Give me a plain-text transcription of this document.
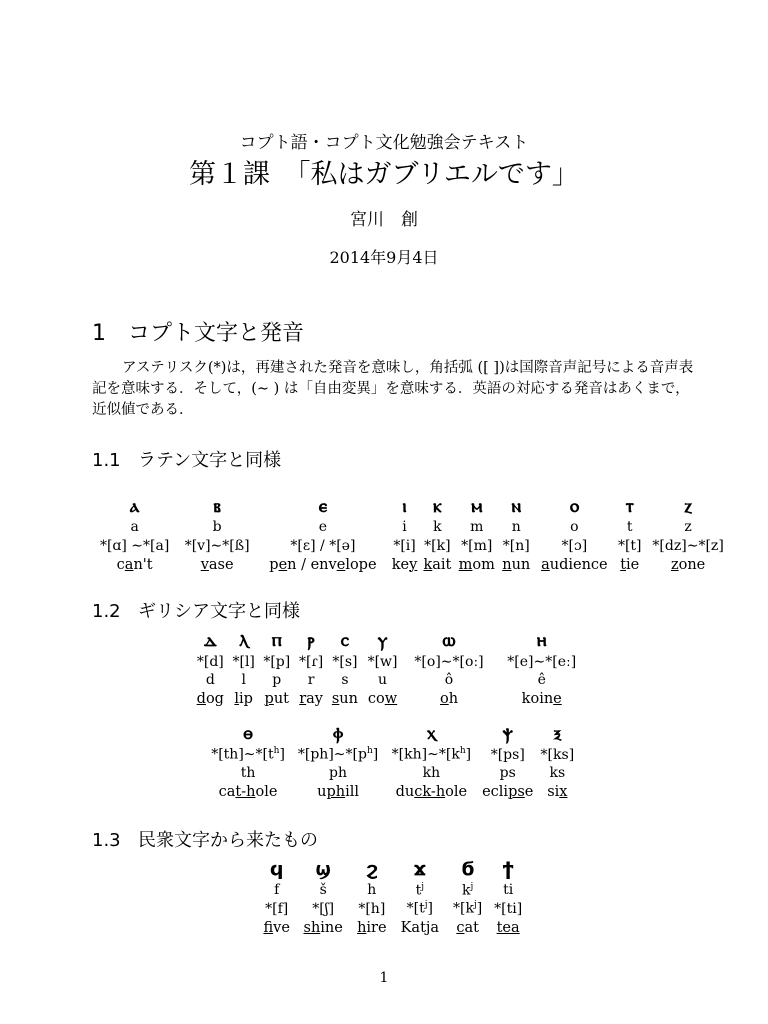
コプト語・コプト文化勉強会テキスト
第１課　「私はガブリエルです」
宮川　創
2014年9月4日
1 コプト文字と発音
アステリスク(*)は，再建された発音を意味し，角括弧 ([ ])は国際音声記号による音声表記を意味する．そして，(∼ ) は「自由変異」を意味する．英語の対応する発音はあくまで，近似値である．
1.1 ラテン文字と同様
ⲁ	ⲃ	ⲉ	ⲓ	ⲕ	ⲙ	ⲛ	ⲟ	ⲧ	ⲍ
a	b	e	i	k	m	n	o	t	z
*[ɑ] ∼*[a]	*[v]∼*[ß]	*[ɛ] / *[ə]	*[i]	*[k]	*[m]	*[n]	*[ɔ]	*[t]	*[dz]∼*[z]
can't	vase	pen / envelope	key	kait	mom	nun	audience	tie	zone
1.2 ギリシア文字と同様
ⲇ	ⲗ	ⲡ	ⲣ	ⲥ	ⲩ	ⲱ	ⲏ
*[d]	*[l]	*[p]	*[ɾ]	*[s]	*[w]	*[o]∼*[oː]	*[e]∼*[eː]
d	l	p	r	s	u	ô	ê
dog	lip	put	ray	sun	cow	oh	koine
ⲑ	ⲫ	ⲭ	ⲯ	ⲝ
$*[th]\sim*[t^h]$	$*[ph]\sim*[p^h]$	$*[kh]\sim*[k^h]$	*[ps]	*[ks]
th	ph	kh	ps	ks
cat-hole	uphill	duck-hole	eclipse	six
1.3 民衆文字から来たもの
ϥ	ϣ	ϩ	ϫ	ϭ	ϯ
f	š	h	$t^j$	$k^j$	ti
*[f]	*[ʃ]	*[h]	$*[t^j]$	$*[k^j]$	*[ti]
five	shine	hire	Katja	cat	tea
1
